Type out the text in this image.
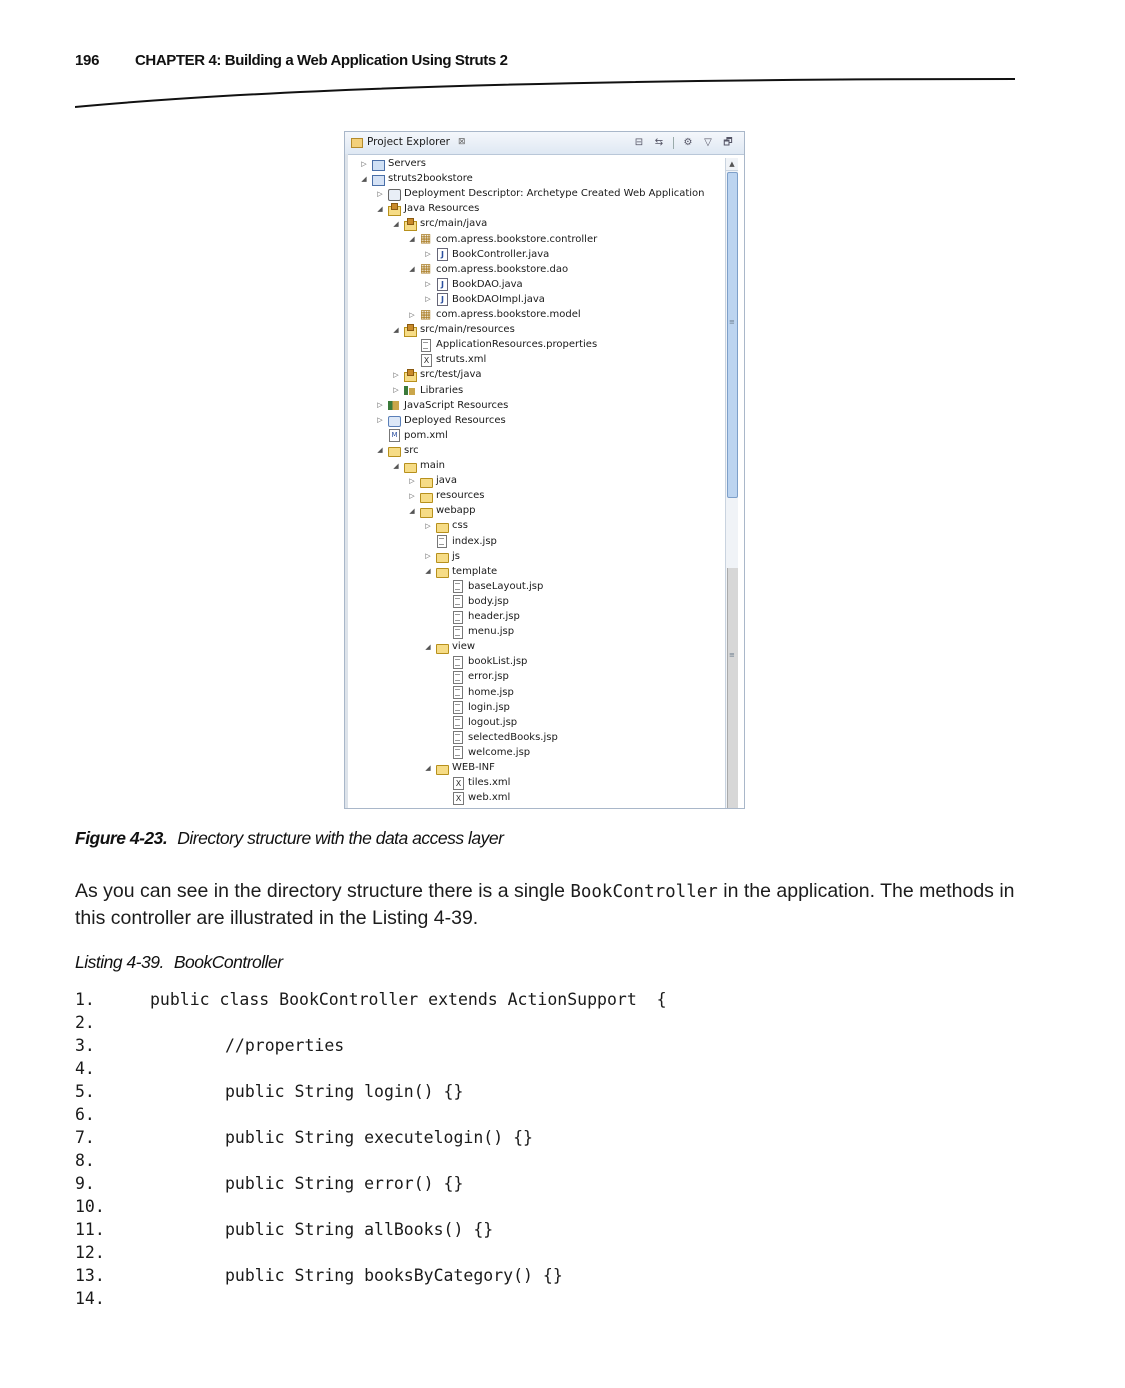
196 CHAPTER 4: Building a Web Application Using Struts 2
Project Explorer ⊠	⊟ ⇆ ⚙ ▽ 🗗
▷ Servers
◢ struts2bookstore
▷ Deployment Descriptor: Archetype Created Web Application
◢ Java Resources
◢ src/main/java
◢ ▦ com.apress.bookstore.controller
▷ J BookController.java
◢ ▦ com.apress.bookstore.dao
▷ J BookDAO.java
▷ J BookDAOImpl.java
▷ ▦ com.apress.bookstore.model
◢ src/main/resources
ApplicationResources.properties
X
struts.xml
▷ src/test/java
▷ Libraries
▷ JavaScript Resources
▷ Deployed Resources
M
pom.xml
◢ src
◢ main
▷ java
▷ resources
◢ webapp
▷ css
index.jsp
▷ js
◢ template
baseLayout.jsp
body.jsp
header.jsp
menu.jsp
◢ view
bookList.jsp
error.jsp
home.jsp
login.jsp
logout.jsp
selectedBooks.jsp
welcome.jsp
◢ WEB-INF
X
tiles.xml
X
web.xml
▲
≡
≡
Figure 4-23. Directory structure with the data access layer
As you can see in the directory structure there is a single BookController in the application. The methods in this controller are illustrated in the Listing 4-39.
Listing 4-39. BookController
1.	public class BookController extends ActionSupport  {
2.
3.	//properties
4.
5.	public String login() {}
6.
7.	public String executelogin() {}
8.
9.	public String error() {}
10.
11.	public String allBooks() {}
12.
13.	public String booksByCategory() {}
14.
